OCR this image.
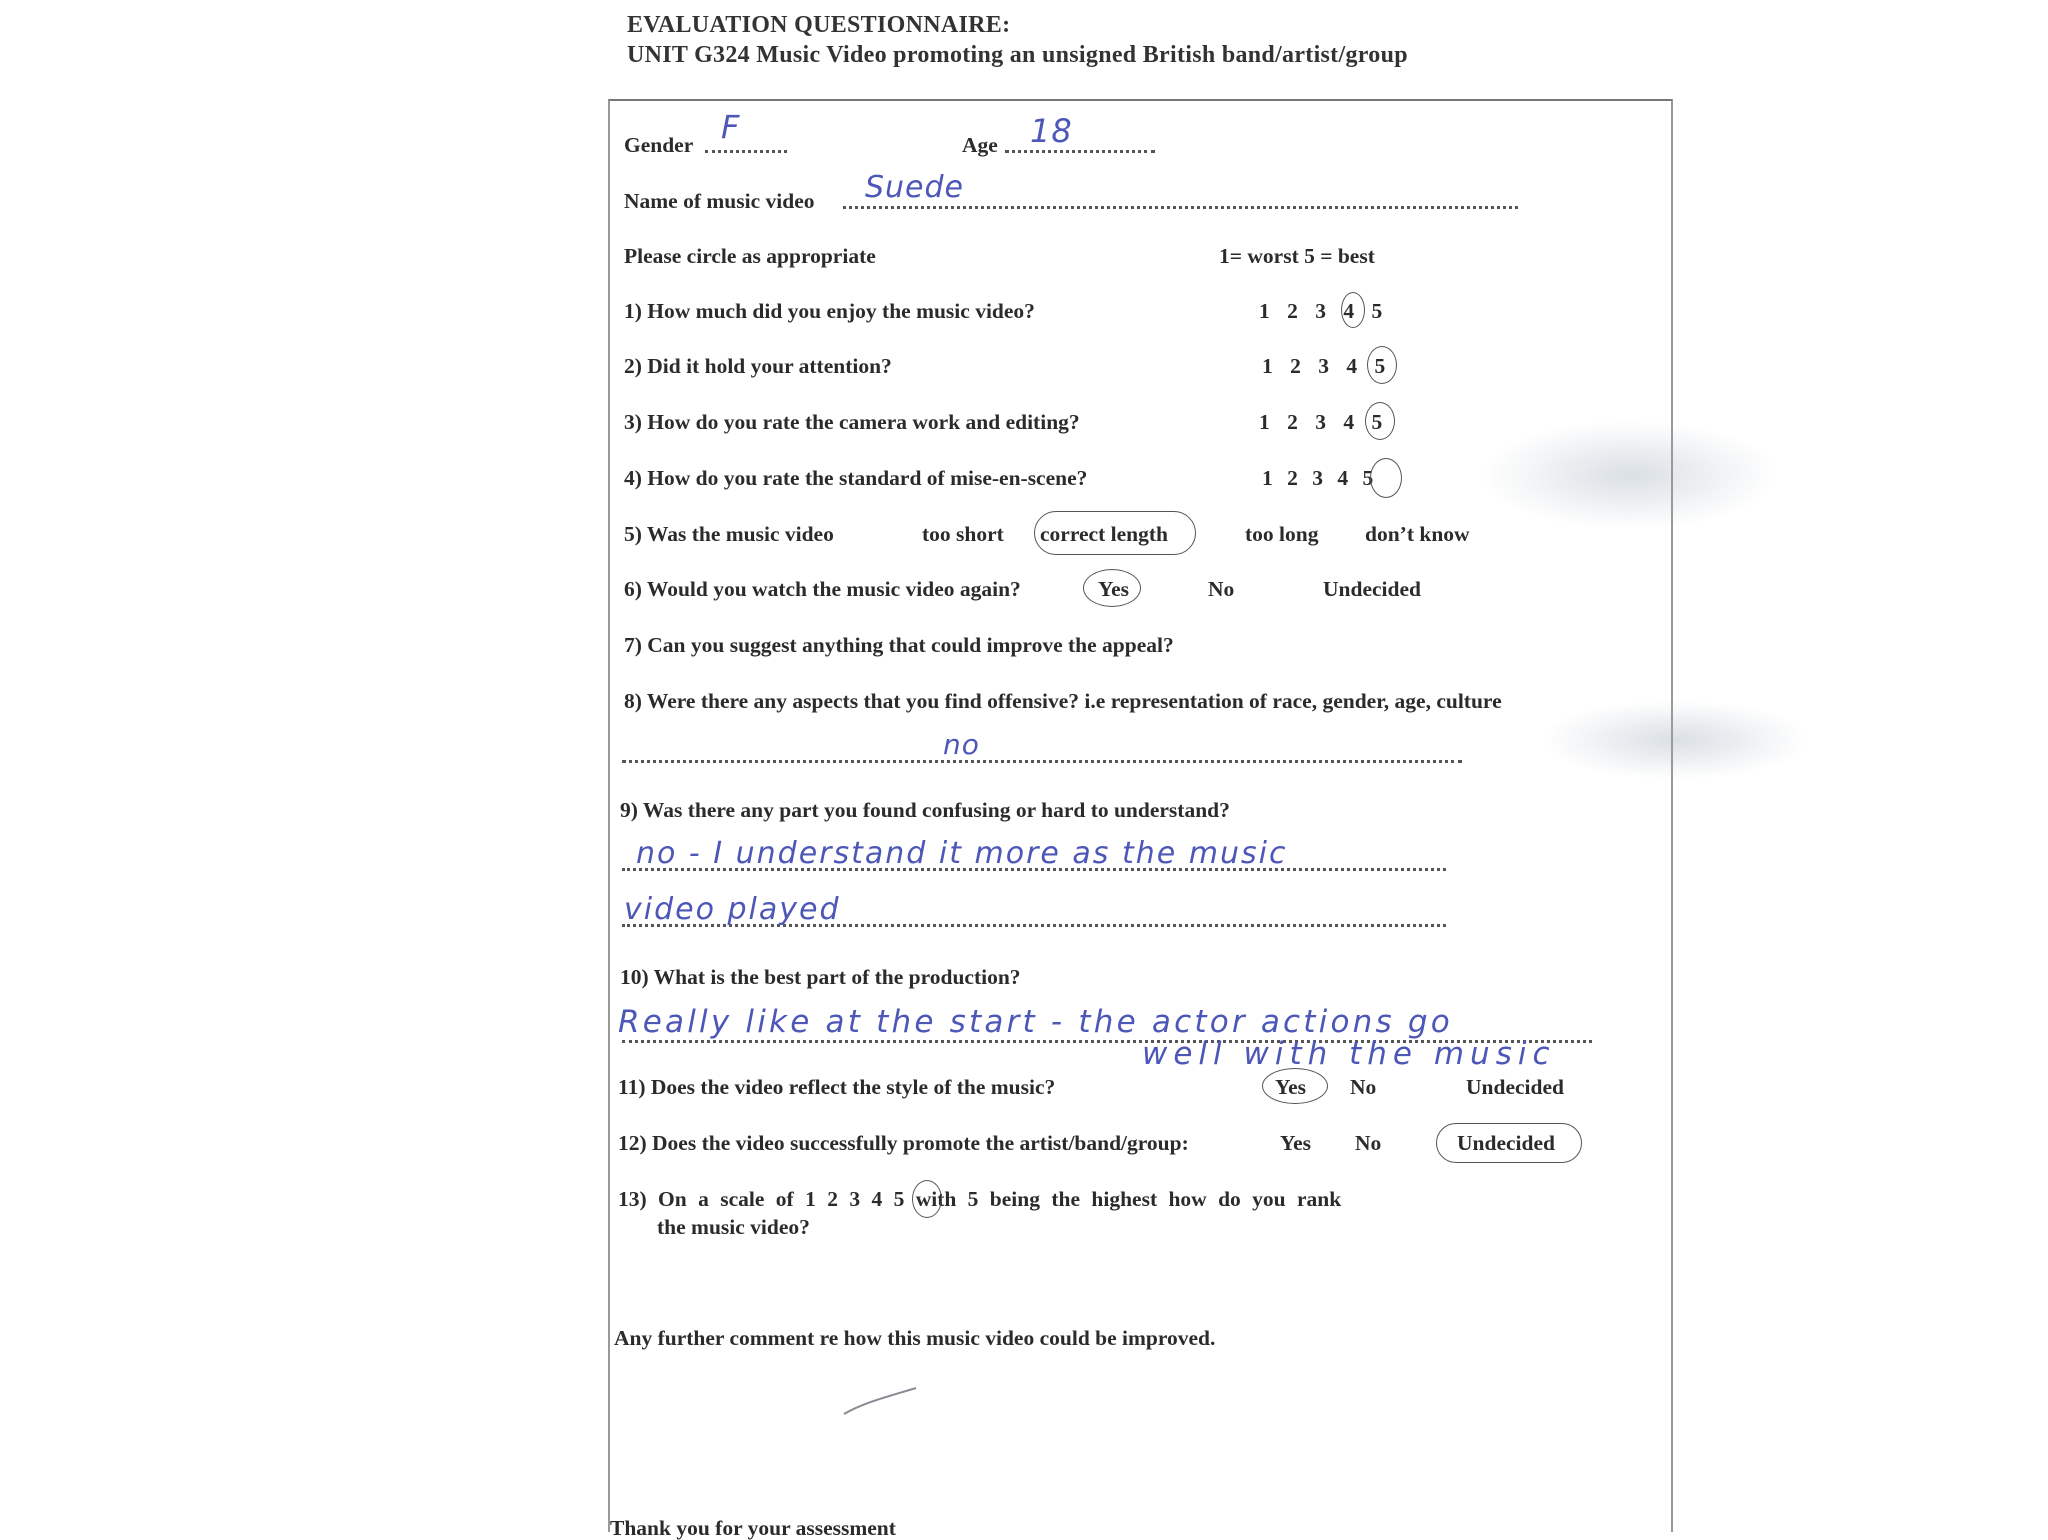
EVALUATION QUESTIONNAIRE:
UNIT G324 Music Video promoting an unsigned British band/artist/group
Gender F	Age 18
Name of music video Suede
Please circle as appropriate	1= worst 5 = best
1) How much did you enjoy the music video?	1 2 3 4 5
2) Did it hold your attention?	1 2 3 4 5
3) How do you rate the camera work and editing?	1 2 3 4 5
4) How do you rate the standard of mise-en-scene?	1 2 3 4 5
5) Was the music video	too short correct length	too long don’t know
6) Would you watch the music video again?	Yes	No	Undecided
7) Can you suggest anything that could improve the appeal?
8) Were there any aspects that you find offensive? i.e representation of race, gender, age, culture
no
9) Was there any part you found confusing or hard to understand?
no - I understand it more as the music
video played
10) What is the best part of the production?
Really like at the start - the actor actions go
well with the music
11) Does the video reflect the style of the music?	Yes No	Undecided
12) Does the video successfully promote the artist/band/group:	Yes No	Undecided
13) On a scale of 1 2 3 4 5 with 5 being the highest how do you rank
the music video?
Any further comment re how this music video could be improved.
Thank you for your assessment
